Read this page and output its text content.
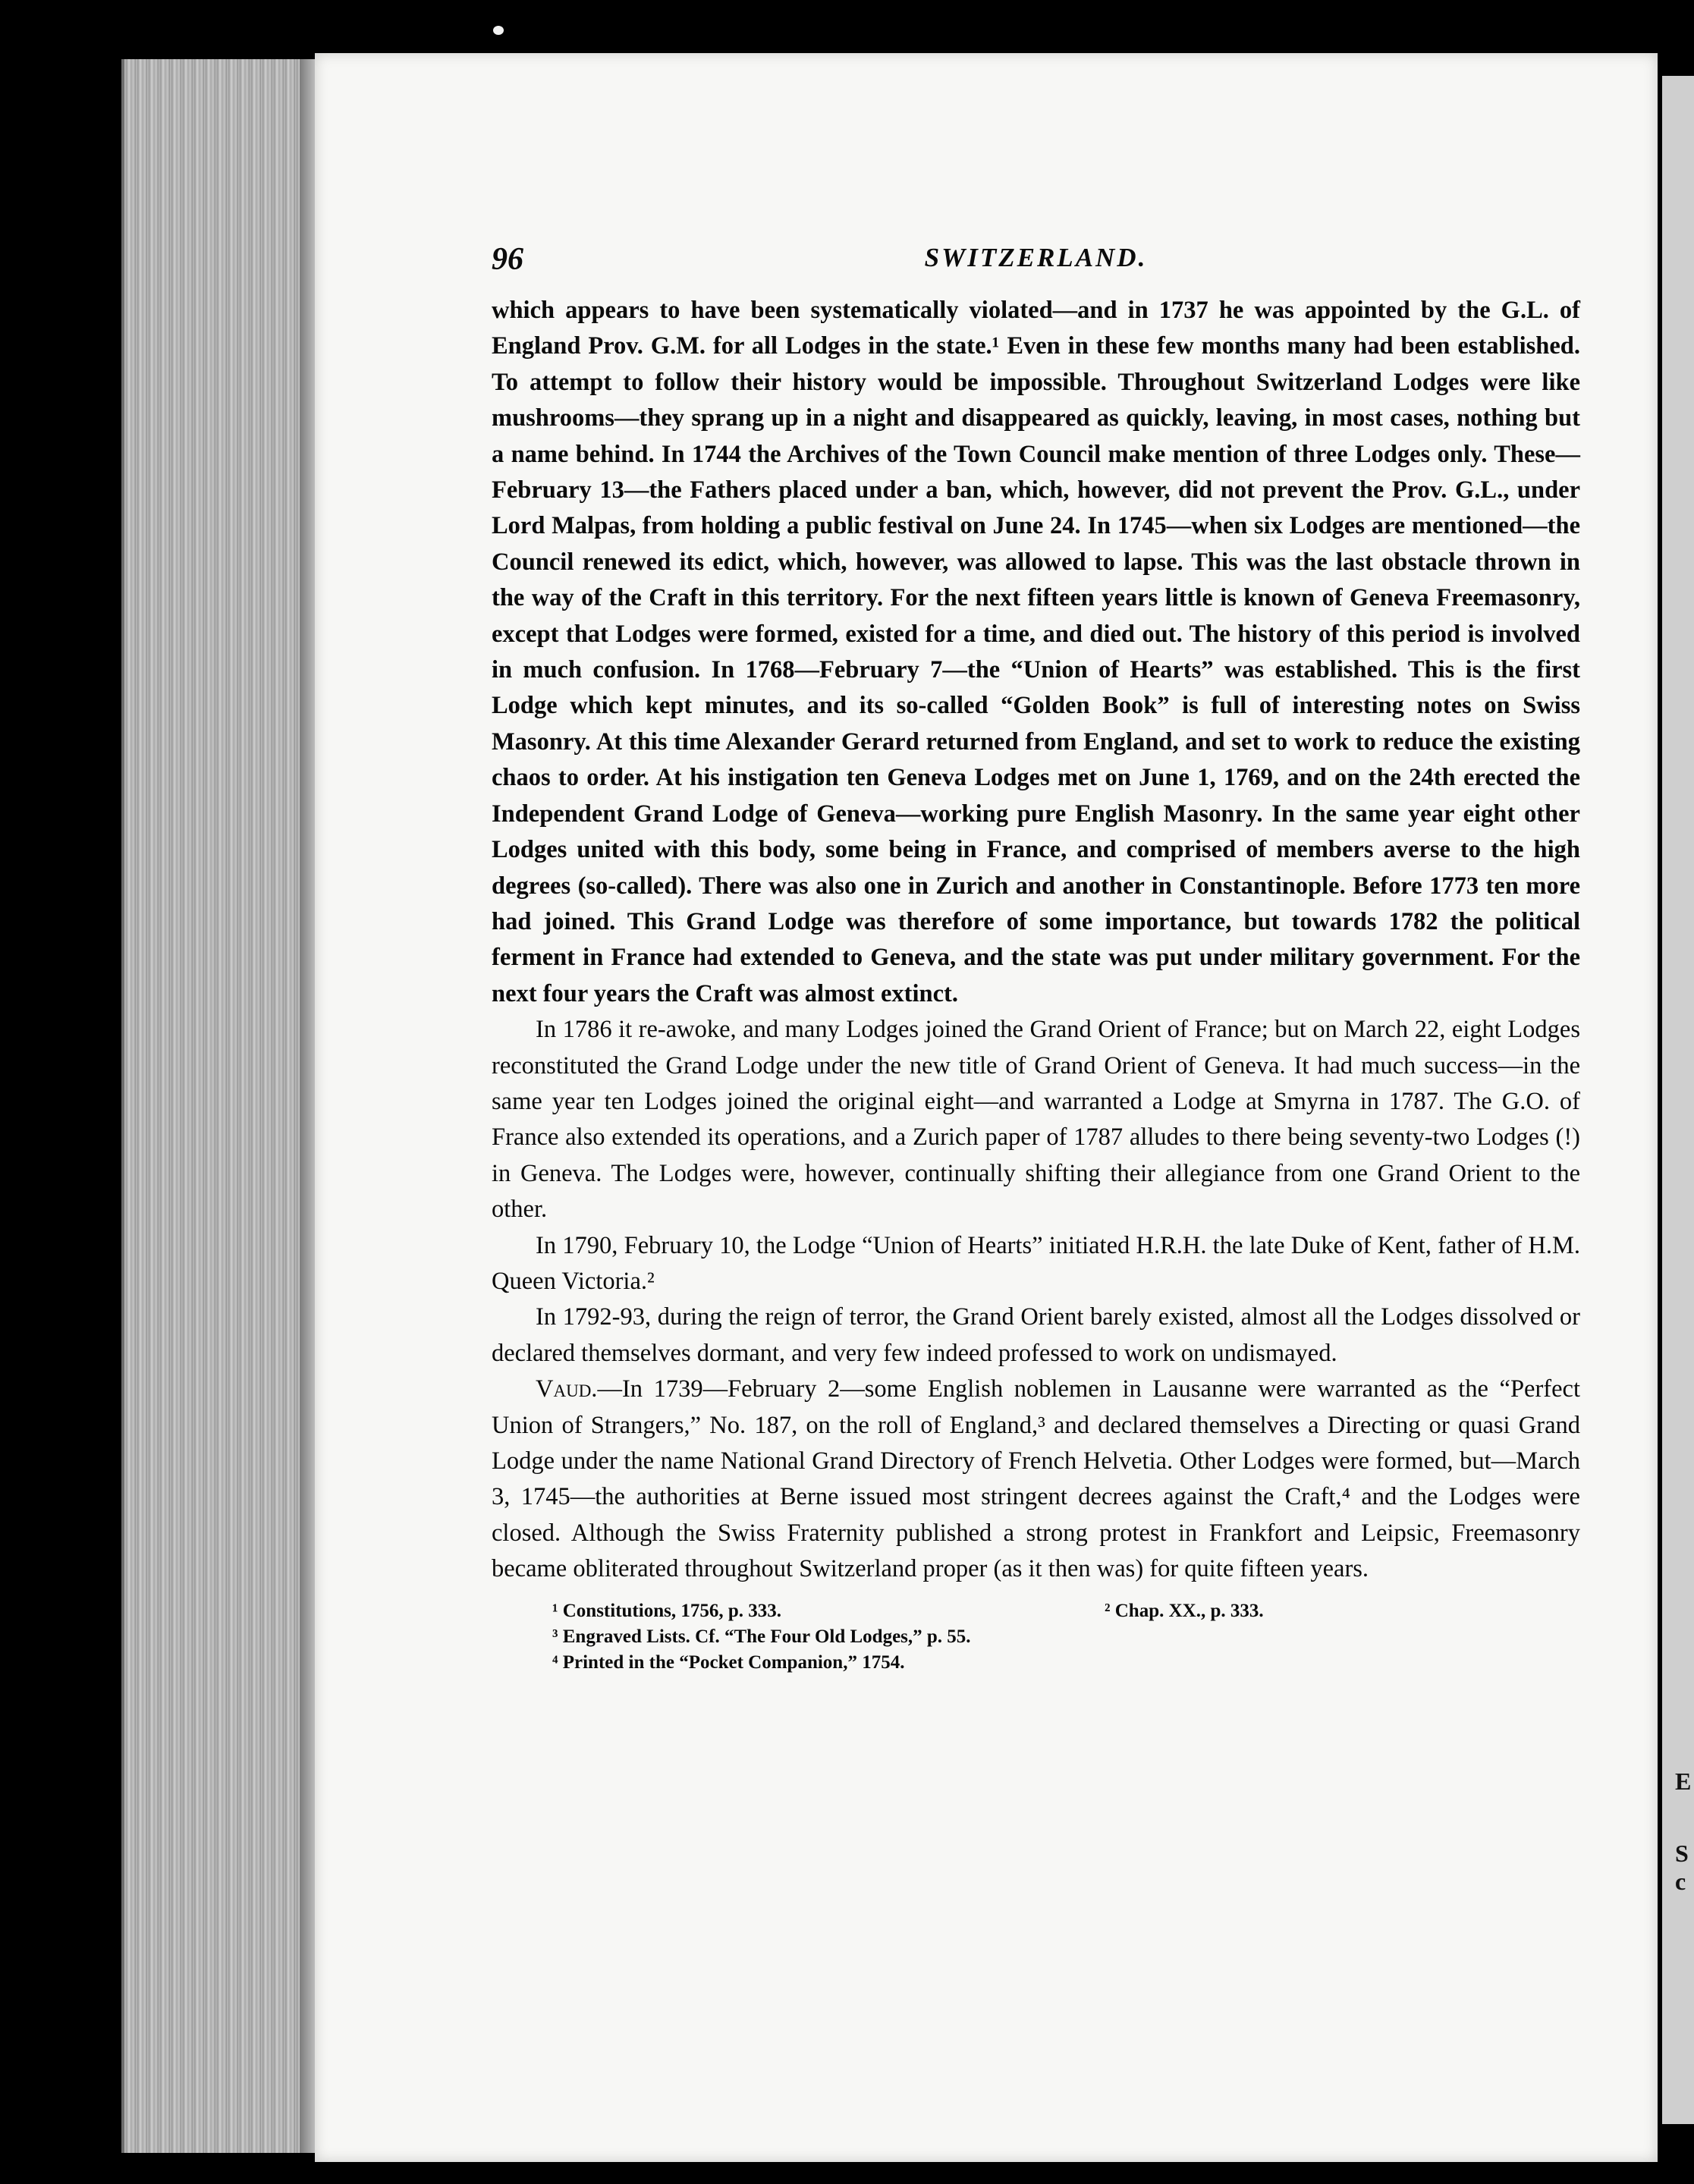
E
S
c
96	SWITZERLAND.

which appears to have been systematically violated—and in 1737 he was appointed by the G.L. of England Prov. G.M. for all Lodges in the state.¹ Even in these few months many had been established. To attempt to follow their history would be impossible. Throughout Switzerland Lodges were like mushrooms—they sprang up in a night and disappeared as quickly, leaving, in most cases, nothing but a name behind. In 1744 the Archives of the Town Council make mention of three Lodges only. These—February 13—the Fathers placed under a ban, which, however, did not prevent the Prov. G.L., under Lord Malpas, from holding a public festival on June 24. In 1745—when six Lodges are mentioned—the Council renewed its edict, which, however, was allowed to lapse. This was the last obstacle thrown in the way of the Craft in this territory. For the next fifteen years little is known of Geneva Freemasonry, except that Lodges were formed, existed for a time, and died out. The history of this period is involved in much confusion. In 1768—February 7—the “Union of Hearts” was established. This is the first Lodge which kept minutes, and its so-called “Golden Book” is full of interesting notes on Swiss Masonry. At this time Alexander Gerard returned from England, and set to work to reduce the existing chaos to order. At his instigation ten Geneva Lodges met on June 1, 1769, and on the 24th erected the Independent Grand Lodge of Geneva—working pure English Masonry. In the same year eight other Lodges united with this body, some being in France, and comprised of members averse to the high degrees (so-called). There was also one in Zurich and another in Constantinople. Before 1773 ten more had joined. This Grand Lodge was therefore of some importance, but towards 1782 the political ferment in France had extended to Geneva, and the state was put under military government. For the next four years the Craft was almost extinct.

In 1786 it re-awoke, and many Lodges joined the Grand Orient of France; but on March 22, eight Lodges reconstituted the Grand Lodge under the new title of Grand Orient of Geneva. It had much success—in the same year ten Lodges joined the original eight—and warranted a Lodge at Smyrna in 1787. The G.O. of France also extended its operations, and a Zurich paper of 1787 alludes to there being seventy-two Lodges (!) in Geneva. The Lodges were, however, continually shifting their allegiance from one Grand Orient to the other.

In 1790, February 10, the Lodge “Union of Hearts” initiated H.R.H. the late Duke of Kent, father of H.M. Queen Victoria.²

In 1792-93, during the reign of terror, the Grand Orient barely existed, almost all the Lodges dissolved or declared themselves dormant, and very few indeed professed to work on undismayed.

Vaud.—In 1739—February 2—some English noblemen in Lausanne were warranted as the “Perfect Union of Strangers,” No. 187, on the roll of England,³ and declared themselves a Directing or quasi Grand Lodge under the name National Grand Directory of French Helvetia. Other Lodges were formed, but—March 3, 1745—the authorities at Berne issued most stringent decrees against the Craft,⁴ and the Lodges were closed. Although the Swiss Fraternity published a strong protest in Frankfort and Leipsic, Freemasonry became obliterated throughout Switzerland proper (as it then was) for quite fifteen years.

¹ Constitutions, 1756, p. 333.	² Chap. XX., p. 333.
³ Engraved Lists. Cf. “The Four Old Lodges,” p. 55.
⁴ Printed in the “Pocket Companion,” 1754.
